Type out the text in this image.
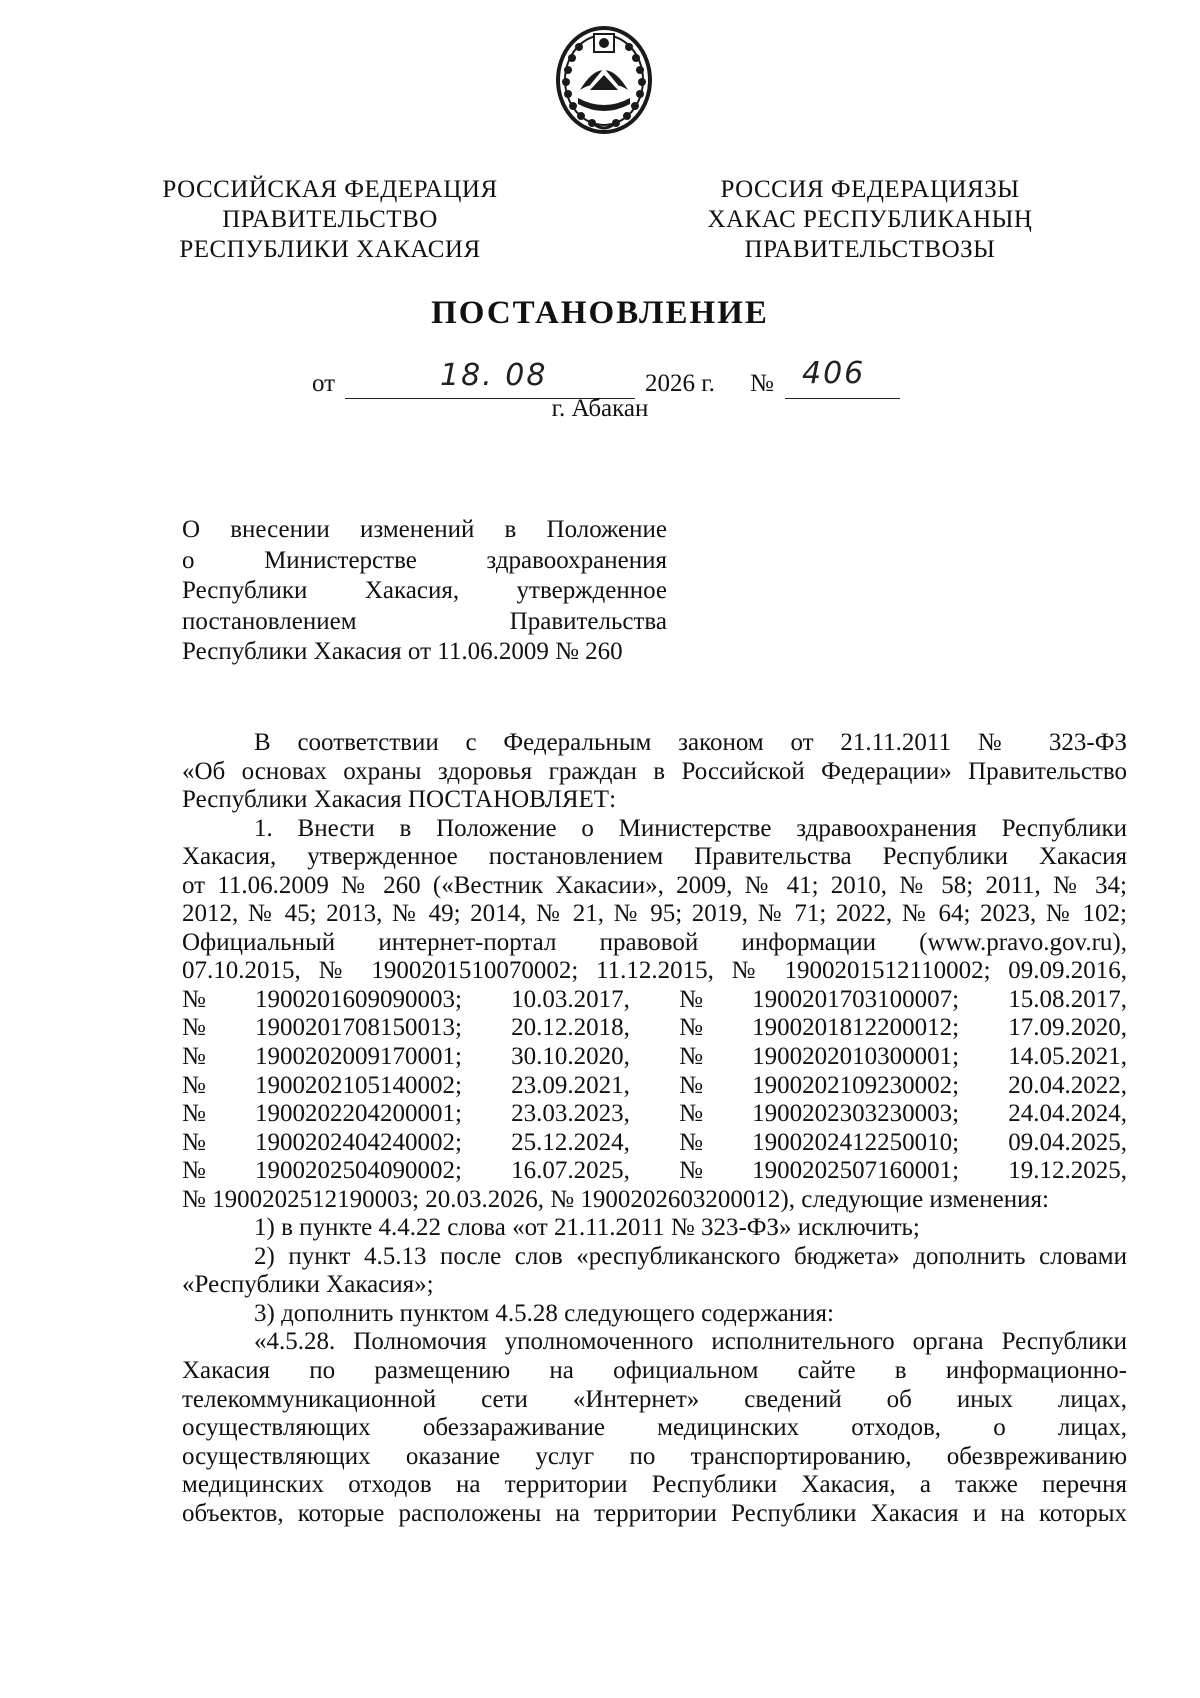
РОССИЙСКАЯ ФЕДЕРАЦИЯ
ПРАВИТЕЛЬСТВО
РЕСПУБЛИКИ ХАКАСИЯ
РОССИЯ ФЕДЕРАЦИЯЗЫ
ХАКАС РЕСПУБЛИКАНЫҢ
ПРАВИТЕЛЬСТВОЗЫ
ПОСТАНОВЛЕНИЕ
от	18. 08	2026 г. № 406
г. Абакан
О внесении изменений в Положение
о Министерстве здравоохранения
Республики Хакасия, утвержденное
постановлением Правительства
Республики Хакасия от 11.06.2009 № 260
В соответствии с Федеральным законом от 21.11.2011 № 323-ФЗ
«Об основах охраны здоровья граждан в Российской Федерации» Правительство
Республики Хакасия ПОСТАНОВЛЯЕТ:
1. Внести в Положение о Министерстве здравоохранения Республики
Хакасия, утвержденное постановлением Правительства Республики Хакасия
от 11.06.2009 № 260 («Вестник Хакасии», 2009, № 41; 2010, № 58; 2011, № 34;
2012, № 45; 2013, № 49; 2014, № 21, № 95; 2019, № 71; 2022, № 64; 2023, № 102;
Официальный интернет-портал правовой информации (www.pravo.gov.ru),
07.10.2015, № 1900201510070002; 11.12.2015, № 1900201512110002; 09.09.2016,
№ 1900201609090003; 10.03.2017, № 1900201703100007; 15.08.2017,
№ 1900201708150013; 20.12.2018, № 1900201812200012; 17.09.2020,
№ 1900202009170001; 30.10.2020, № 1900202010300001; 14.05.2021,
№ 1900202105140002; 23.09.2021, № 1900202109230002; 20.04.2022,
№ 1900202204200001; 23.03.2023, № 1900202303230003; 24.04.2024,
№ 1900202404240002; 25.12.2024, № 1900202412250010; 09.04.2025,
№ 1900202504090002; 16.07.2025, № 1900202507160001; 19.12.2025,
№ 1900202512190003; 20.03.2026, № 1900202603200012), следующие изменения:
1) в пункте 4.4.22 слова «от 21.11.2011 № 323-ФЗ» исключить;
2) пункт 4.5.13 после слов «республиканского бюджета» дополнить словами
«Республики Хакасия»;
3) дополнить пунктом 4.5.28 следующего содержания:
«4.5.28. Полномочия уполномоченного исполнительного органа Республики
Хакасия по размещению на официальном сайте в информационно-
телекоммуникационной сети «Интернет» сведений об иных лицах,
осуществляющих обеззараживание медицинских отходов, о лицах,
осуществляющих оказание услуг по транспортированию, обезвреживанию
медицинских отходов на территории Республики Хакасия, а также перечня
объектов, которые расположены на территории Республики Хакасия и на которых
